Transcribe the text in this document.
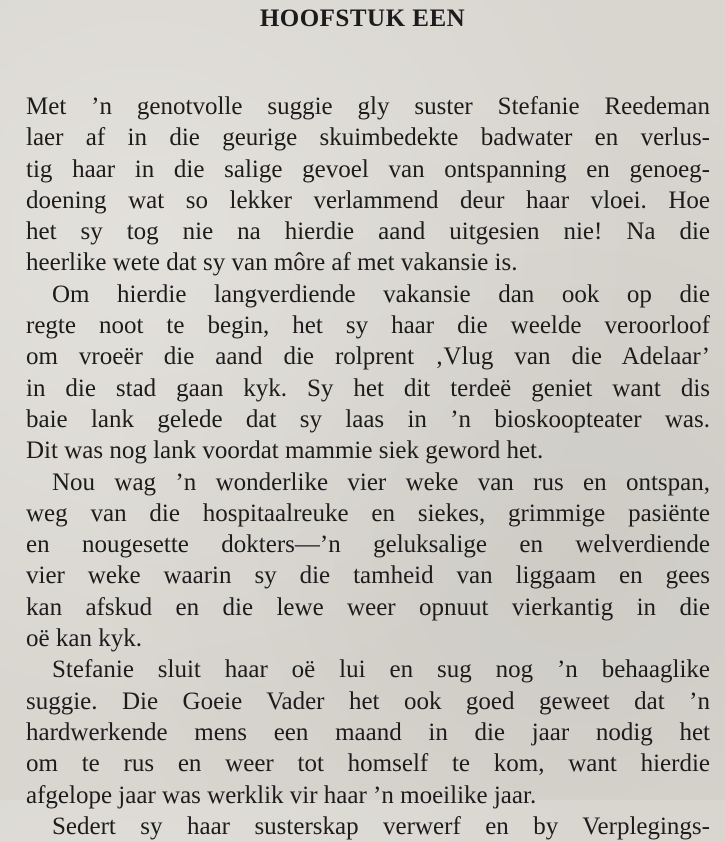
HOOFSTUK EEN
Met ’n genotvolle suggie gly suster Stefanie Reedeman
laer af in die geurige skuimbedekte badwater en verlus-
tig haar in die salige gevoel van ontspanning en genoeg-
doening wat so lekker verlammend deur haar vloei. Hoe
het sy tog nie na hierdie aand uitgesien nie! Na die
heerlike wete dat sy van môre af met vakansie is.
Om hierdie langverdiende vakansie dan ook op die
regte noot te begin, het sy haar die weelde veroorloof
om vroeër die aand die rolprent ‚Vlug van die Adelaar’
in die stad gaan kyk. Sy het dit terdeë geniet want dis
baie lank gelede dat sy laas in ’n bioskoopteater was.
Dit was nog lank voordat mammie siek geword het.
Nou wag ’n wonderlike vier weke van rus en ontspan,
weg van die hospitaalreuke en siekes, grimmige pasiënte
en nougesette dokters—’n geluksalige en welverdiende
vier weke waarin sy die tamheid van liggaam en gees
kan afskud en die lewe weer opnuut vierkantig in die
oë kan kyk.
Stefanie sluit haar oë lui en sug nog ’n behaaglike
suggie. Die Goeie Vader het ook goed geweet dat ’n
hardwerkende mens een maand in die jaar nodig het
om te rus en weer tot homself te kom, want hierdie
afgelope jaar was werklik vir haar ’n moeilike jaar.
Sedert sy haar susterskap verwerf en by Verplegings-
